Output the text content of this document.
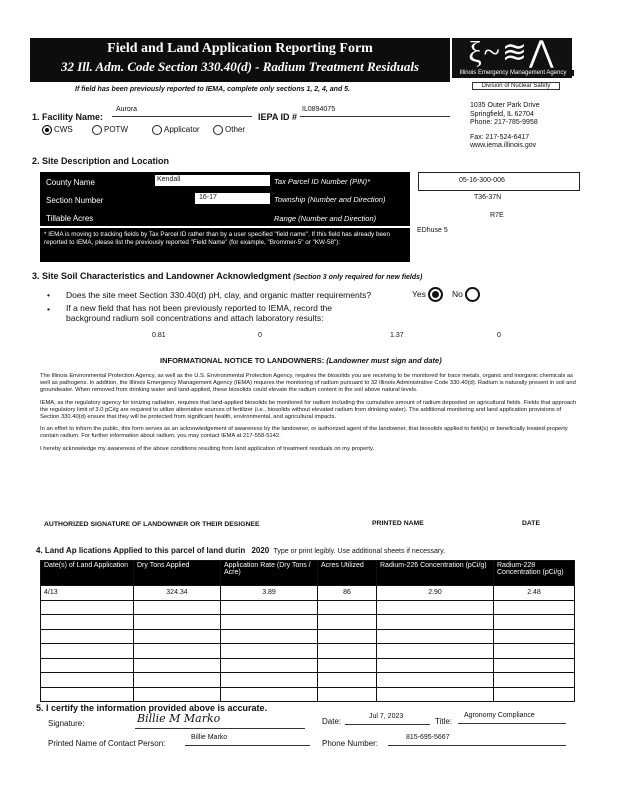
Field and Land Application Reporting Form
32 Ill. Adm. Code Section 330.40(d) - Radium Treatment Residuals	ξ~≋⋀
Illinois Emergency Management Agency
Division of Nuclear Safety
If field has been previously reported to IEMA, complete only sections 1, 2, 4, and 5.
1035 Outer Park Drive
Springfield, IL 62704
Phone: 217-785-9958
Fax: 217-524-6417
www.iema.illinois.gov
1. Facility Name:
Aurora
IEPA ID #
IL0894075
CWS	POTW	Applicator	Other
2. Site Description and Location
County Name	Kendall
Section Number	16-17
Tillable Acres
Tax Parcel ID Number (PIN)*
Township (Number and Direction)
Range (Number and Direction)
05-16-300-006
T36-37N
R7E
* IEMA is moving to tracking fields by Tax Parcel ID rather than by a user specified "field name". If this field has already been reported to IEMA, please list the previously reported "Field Name" (for example, "Brommer-5" or "KW-58"):
EDhuse 5
3. Site Soil Characteristics and Landowner Acknowledgment (Section 3 only required for new fields)
• Does the site meet Section 330.40(d) pH, clay, and organic matter requirements?	Yes	No
• If a new field that has not been previously reported to IEMA, record the background radium soil concentrations and attach laboratory results:
0.81	0	1.37	0
INFORMATIONAL NOTICE TO LANDOWNERS: (Landowner must sign and date)

The Illinois Environmental Protection Agency, as well as the U.S. Environmental Protection Agency, requires the biosolids you are receiving to be monitored for trace metals, organic and inorganic chemicals as well as pathogens. In addition, the Illinois Emergency Management Agency (IEMA) requires the monitoring of radium pursuant to 32 Illinois Administrative Code 330.40(d). Radium is naturally present in soil and groundwater. When removed from drinking water and land-applied, these biosolids could elevate the radium content in the soil above natural levels.

IEMA, as the regulatory agency for ionizing radiation, requires that land-applied biosolids be monitored for radium including the cumulative amount of radium deposited on agricultural fields. Fields that approach the regulatory limit of 3.0 pCi/g are required to utilize alternative sources of fertilizer (i.e., biosolids without elevated radium from drinking water). The additional monitoring and land application provisions of Section 330.40(d) ensure that they will be protected from significant health, environmental, and agricultural impacts.

In an effort to inform the public, this form serves as an acknowledgement of awareness by the landowner, or authorized agent of the landowner, that biosolids applied to field(s) or beneficially treated property contain radium. For further information about radium, you may contact IEMA at 217-558-5142.

I hereby acknowledge my awareness of the above conditions resulting from land application of treatment residuals on my property.

AUTHORIZED SIGNATURE OF LANDOWNER OR THEIR DESIGNEE	PRINTED NAME	DATE
4. Land Ap lications Applied to this parcel of land durin 2020 Type or print legibly. Use additional sheets if necessary.
Date(s) of Land Application	Dry Tons Applied	Application Rate (Dry Tons / Acre)	Acres Utilized	Radium-226 Concentration (pCi/g)	Radium-228 Concentration (pCi/g)
4/13	324.34	3.89	86	2.90	2.48

5. I certify the information provided above is accurate.
Signature:	Billie M Marko	Date:
Jul 7, 2023
Title:
Agronomy Compliance
Printed Name of Contact Person:
Billie Marko
Phone Number:
815-695-5667
